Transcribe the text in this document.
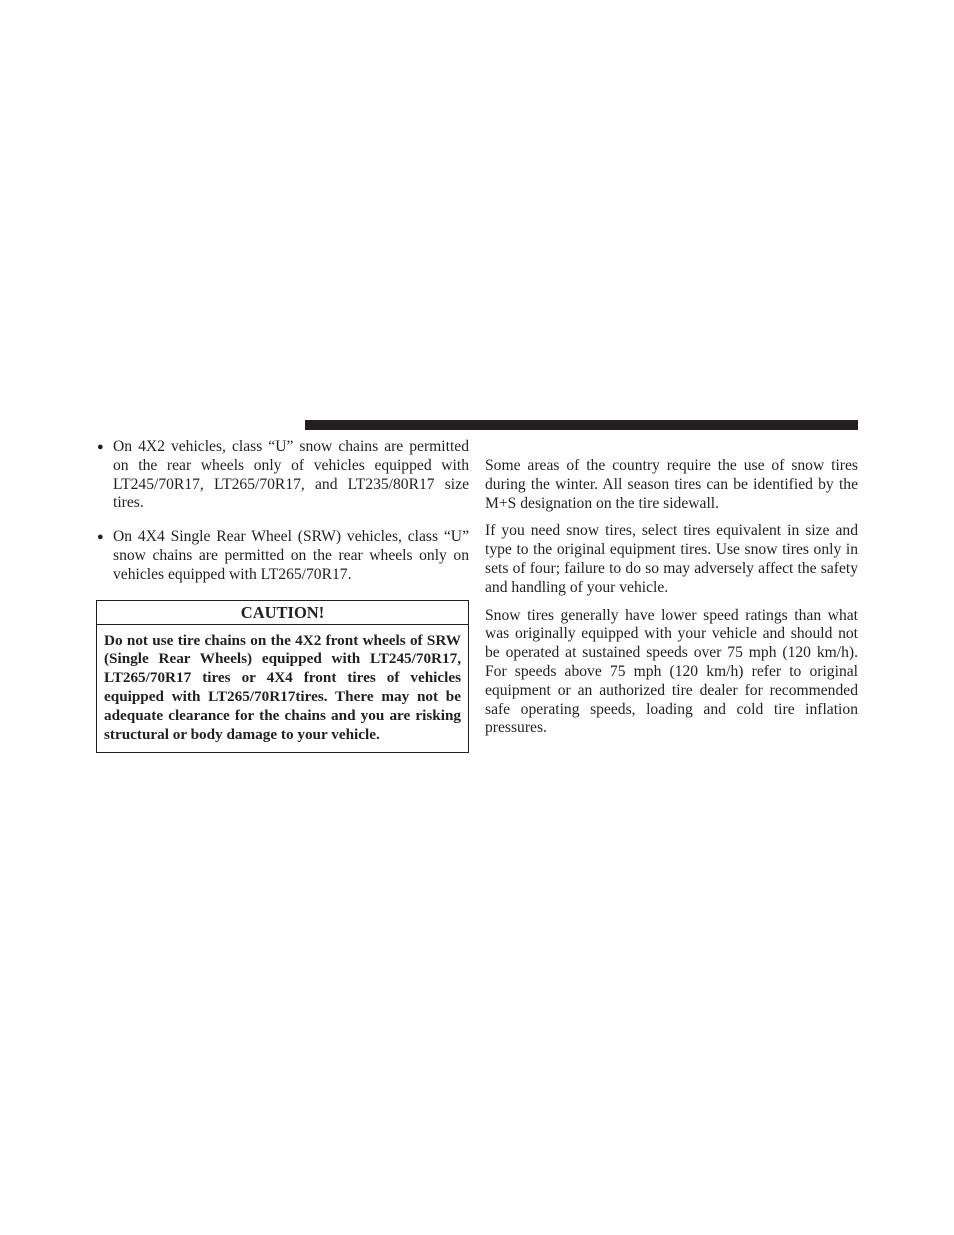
● On 4X2 vehicles, class “U” snow chains are permitted on the rear wheels only of vehicles equipped with LT245/70R17, LT265/70R17, and LT235/80R17 size tires.
● On 4X4 Single Rear Wheel (SRW) vehicles, class “U” snow chains are permitted on the rear wheels only on vehicles equipped with LT265/70R17.
CAUTION!
Do not use tire chains on the 4X2 front wheels of SRW (Single Rear Wheels) equipped with LT245/70R17, LT265/70R17 tires or 4X4 front tires of vehicles equipped with LT265/70R17tires. There may not be adequate clearance for the chains and you are risking structural or body damage to your vehicle.

Some areas of the country require the use of snow tires during the winter. All season tires can be identified by the M+S designation on the tire sidewall.

If you need snow tires, select tires equivalent in size and type to the original equipment tires. Use snow tires only in sets of four; failure to do so may adversely affect the safety and handling of your vehicle.

Snow tires generally have lower speed ratings than what was originally equipped with your vehicle and should not be operated at sustained speeds over 75 mph (120 km/h). For speeds above 75 mph (120 km/h) refer to original equipment or an authorized tire dealer for recommended safe operating speeds, loading and cold tire inflation pressures.
